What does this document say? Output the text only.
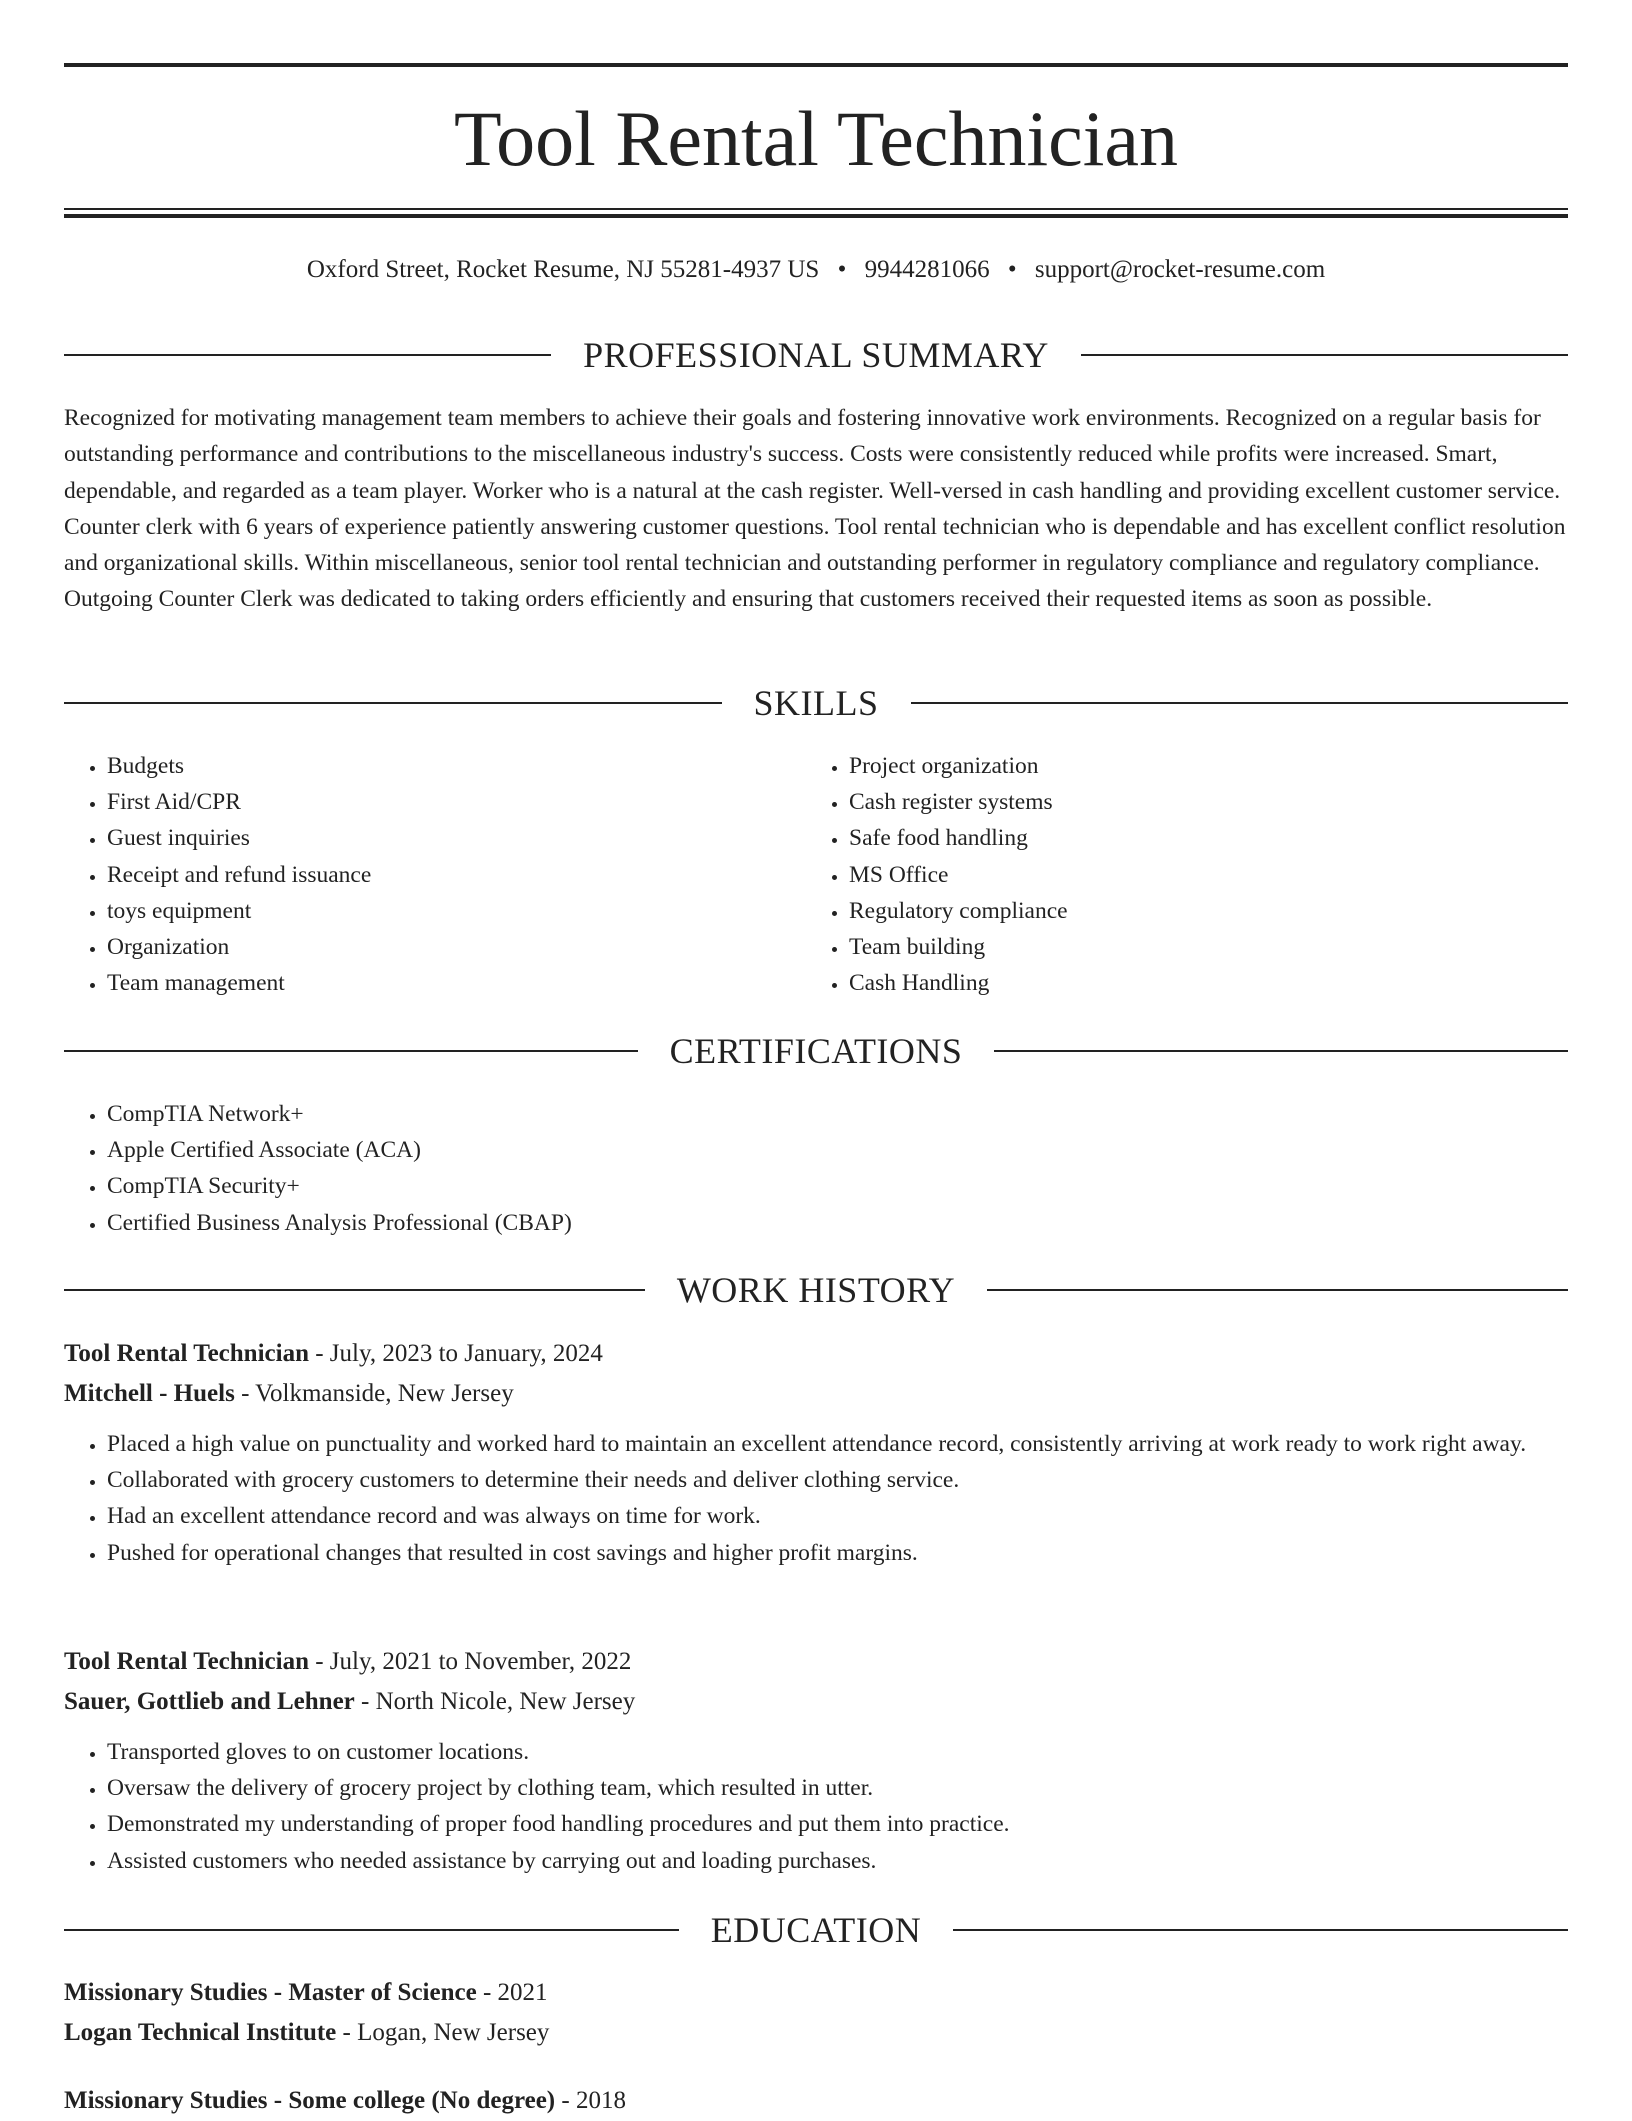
Tool Rental Technician
Oxford Street, Rocket Resume, NJ 55281-4937 US • 9944281066 • support@rocket-resume.com
PROFESSIONAL SUMMARY

Recognized for motivating management team members to achieve their goals and fostering innovative work environments. Recognized on a regular basis for outstanding performance and contributions to the miscellaneous industry's success. Costs were consistently reduced while profits were increased. Smart, dependable, and regarded as a team player. Worker who is a natural at the cash register. Well-versed in cash handling and providing excellent customer service. Counter clerk with 6 years of experience patiently answering customer questions. Tool rental technician who is dependable and has excellent conflict resolution and organizational skills. Within miscellaneous, senior tool rental technician and outstanding performer in regulatory compliance and regulatory compliance. Outgoing Counter Clerk was dedicated to taking orders efficiently and ensuring that customers received their requested items as soon as possible.

SKILLS
• Budgets
• First Aid/CPR
• Guest inquiries
• Receipt and refund issuance
• toys equipment
• Organization
• Team management
• Project organization
• Cash register systems
• Safe food handling
• MS Office
• Regulatory compliance
• Team building
• Cash Handling
CERTIFICATIONS
• CompTIA Network+
• Apple Certified Associate (ACA)
• CompTIA Security+
• Certified Business Analysis Professional (CBAP)
WORK HISTORY
Tool Rental Technician - July, 2023 to January, 2024
Mitchell - Huels - Volkmanside, New Jersey
• Placed a high value on punctuality and worked hard to maintain an excellent attendance record, consistently arriving at work ready to work right away.
• Collaborated with grocery customers to determine their needs and deliver clothing service.
• Had an excellent attendance record and was always on time for work.
• Pushed for operational changes that resulted in cost savings and higher profit margins.
Tool Rental Technician - July, 2021 to November, 2022
Sauer, Gottlieb and Lehner - North Nicole, New Jersey
• Transported gloves to on customer locations.
• Oversaw the delivery of grocery project by clothing team, which resulted in utter.
• Demonstrated my understanding of proper food handling procedures and put them into practice.
• Assisted customers who needed assistance by carrying out and loading purchases.
EDUCATION
Missionary Studies - Master of Science - 2021
Logan Technical Institute - Logan, New Jersey
Missionary Studies - Some college (No degree) - 2018
